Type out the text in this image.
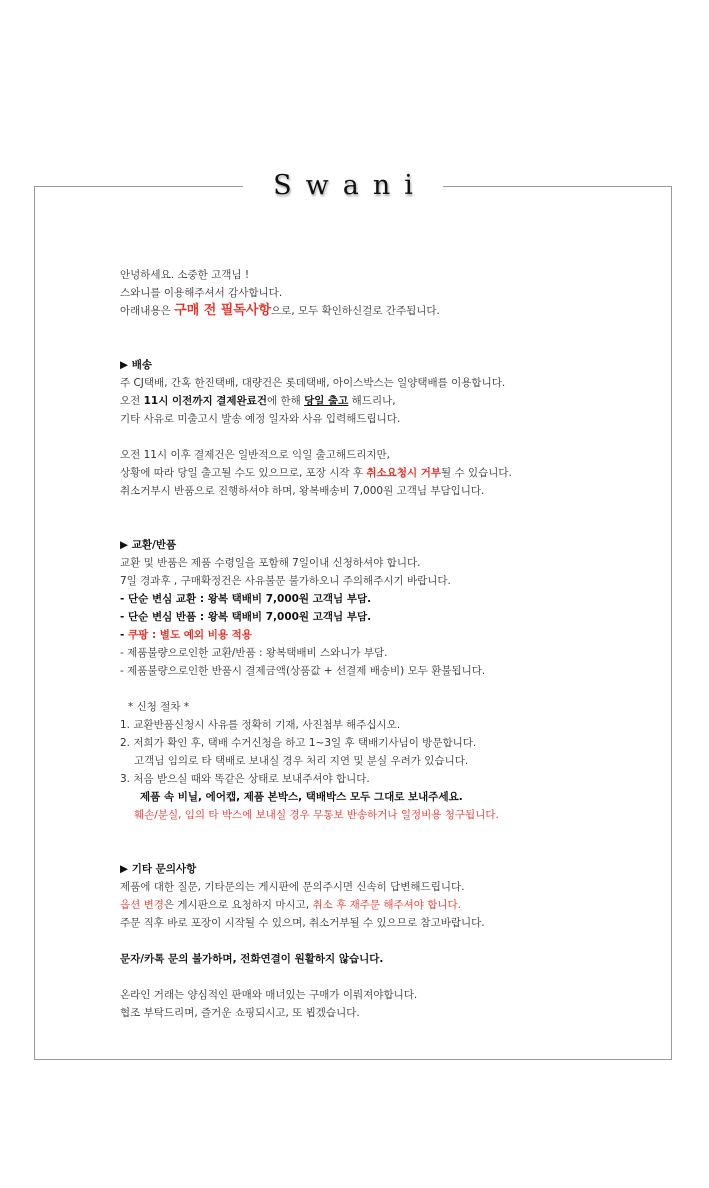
Swani
안녕하세요. 소중한 고객님 !
스와니를 이용해주셔서 감사합니다.
아래내용은 구매 전 필독사항으로, 모두 확인하신걸로 간주됩니다.
▶ 배송
주 CJ택배, 간혹 한진택배, 대량건은 롯데택배, 아이스박스는 일양택배를 이용합니다.
오전 11시 이전까지 결제완료건에 한해 당일 출고 해드리나,
기타 사유로 미출고시 발송 예정 일자와 사유 입력해드립니다.
오전 11시 이후 결제건은 일반적으로 익일 출고해드리지만,
상황에 따라 당일 출고될 수도 있으므로, 포장 시작 후 취소요청시 거부될 수 있습니다.
취소거부시 반품으로 진행하셔야 하며, 왕복배송비 7,000원 고객님 부담입니다.
▶ 교환/반품
교환 및 반품은 제품 수령일을 포함해 7일이내 신청하셔야 합니다.
7일 경과후 , 구매확정건은 사유불문 불가하오니 주의해주시기 바랍니다.
- 단순 변심 교환 : 왕복 택배비 7,000원 고객님 부담.
- 단순 변심 반품 : 왕복 택배비 7,000원 고객님 부담.
- 쿠팡 : 별도 예외 비용 적용
- 제품불량으로인한 교환/반품 : 왕복택배비 스와니가 부담.
- 제품불량으로인한 반품시 결제금액(상품값 + 선결제 배송비) 모두 환불됩니다.
* 신청 절차 *
1. 교환반품신청시 사유를 정확히 기재, 사진첨부 해주십시오.
2. 저희가 확인 후, 택배 수거신청을 하고 1~3일 후 택배기사님이 방문합니다.
고객님 임의로 타 택배로 보내실 경우 처리 지연 및 분실 우려가 있습니다.
3. 처음 받으실 때와 똑같은 상태로 보내주셔야 합니다.
제품 속 비닐, 에어캡, 제품 본박스, 택배박스 모두 그대로 보내주세요.
훼손/분실, 임의 타 박스에 보내실 경우 무통보 반송하거나 일정비용 청구됩니다.
▶ 기타 문의사항
제품에 대한 질문, 기타문의는 게시판에 문의주시면 신속히 답변해드립니다.
옵션 변경은 게시판으로 요청하지 마시고, 취소 후 재주문 해주셔야 합니다.
주문 직후 바로 포장이 시작될 수 있으며, 취소거부될 수 있으므로 참고바랍니다.
문자/카톡 문의 불가하며, 전화연결이 원활하지 않습니다.
온라인 거래는 양심적인 판매와 매너있는 구매가 이뤄져야합니다.
협조 부탁드리며, 즐거운 쇼핑되시고, 또 뵙겠습니다.
